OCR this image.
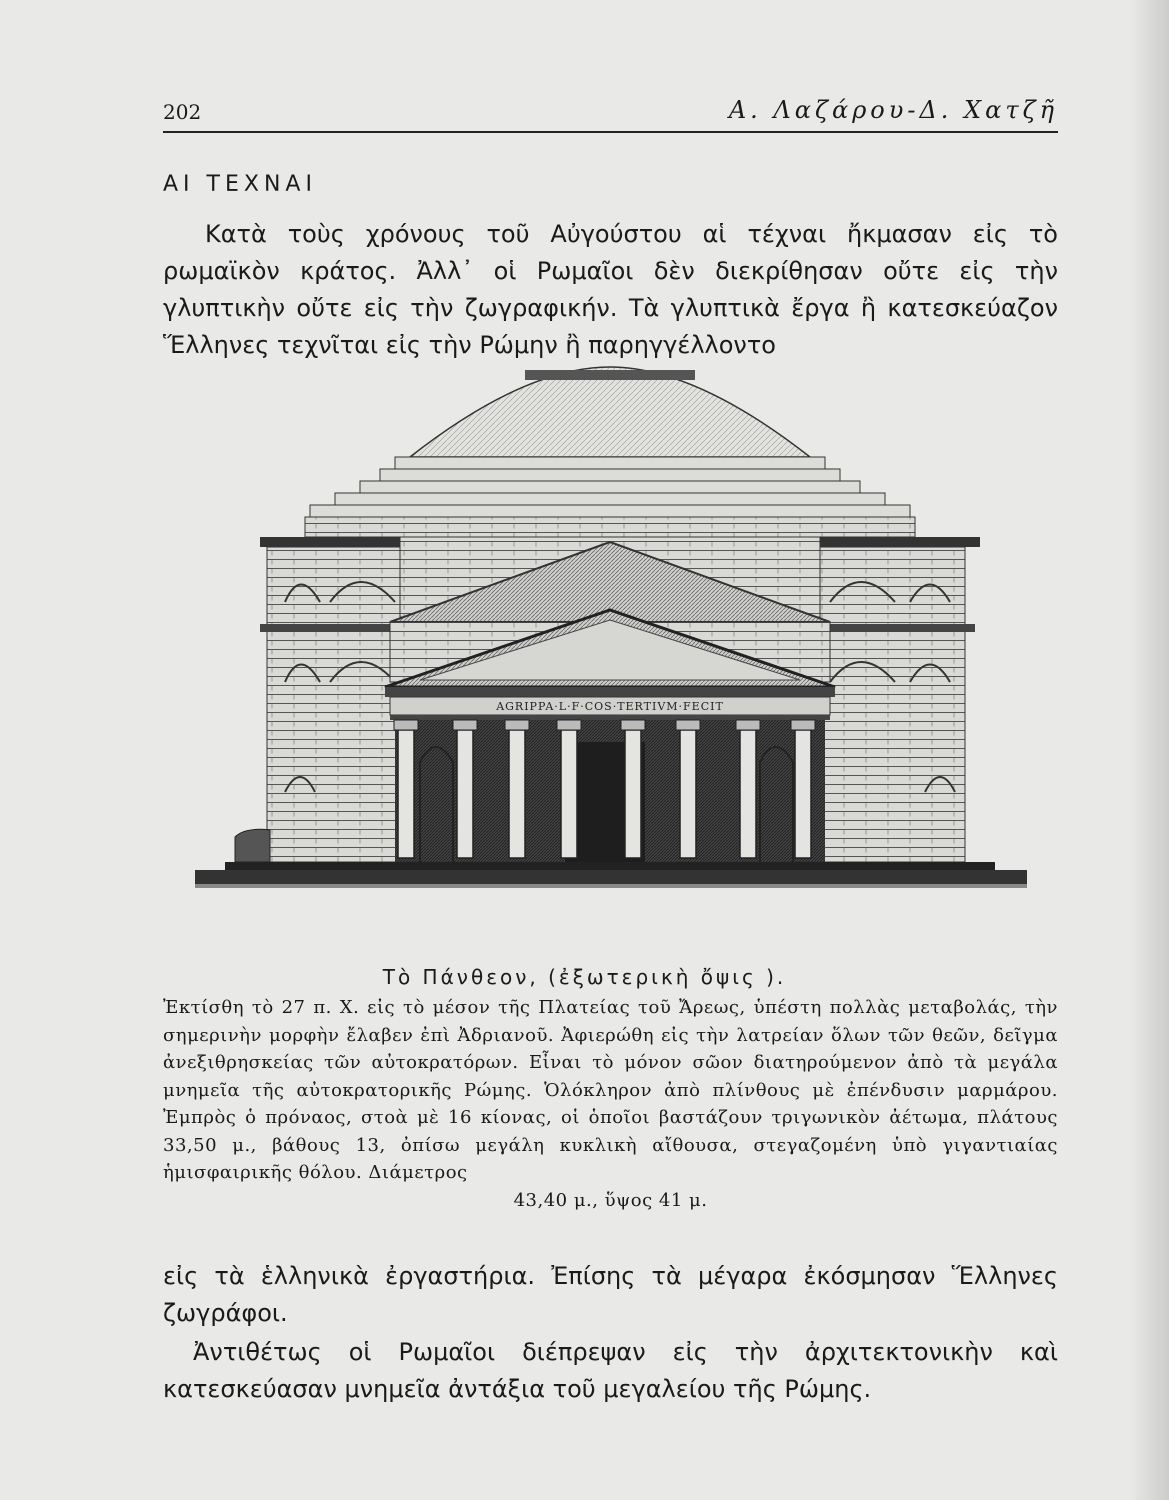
202	Α. Λαζάρου-Δ. Χατζῆ
ΑΙ ΤΕΧΝΑΙ
Κατὰ τοὺς χρόνους τοῦ Αὐγούστου αἱ τέχναι ἤκμασαν εἰς τὸ ρωμαϊκὸν κράτος. Ἀλλ᾽ οἱ Ρωμαῖοι δὲν διεκρίθησαν οὔτε εἰς τὴν γλυπτικὴν οὔτε εἰς τὴν ζωγραφικήν. Τὰ γλυπτικὰ ἔργα ἢ κατεσκεύαζον Ἕλληνες τεχνῖται εἰς τὴν Ρώμην ἢ παρηγγέλλοντο
AGRIPPA·L·F·COS·TERTIVM·FECIT
Τὸ Πάνθεον, (ἐξωτερικὴ ὄψις ).
Ἐκτίσθη τὸ 27 π. Χ. εἰς τὸ μέσον τῆς Πλατείας τοῦ Ἄρεως, ὑπέστη πολλὰς μεταβολάς, τὴν σημερινὴν μορφὴν ἔλαβεν ἐπὶ Ἀδριανοῦ. Ἀφιερώθη εἰς τὴν λατρείαν ὅλων τῶν θεῶν, δεῖγμα ἀνεξιθρησκείας τῶν αὐτοκρατόρων. Εἶναι τὸ μόνον σῶον διατηρούμενον ἀπὸ τὰ μεγάλα μνημεῖα τῆς αὐτοκρατορικῆς Ρώμης. Ὁλόκληρον ἀπὸ πλίνθους μὲ ἐπένδυσιν μαρμάρου. Ἐμπρὸς ὁ πρόναος, στοὰ μὲ 16 κίονας, οἱ ὁποῖοι βαστάζουν τριγωνικὸν ἀέτωμα, πλάτους 33,50 μ., βάθους 13, ὀπίσω μεγάλη κυκλικὴ αἴθουσα, στεγαζομένη ὑπὸ γιγαντιαίας ἡμισφαιρικῆς θόλου. Διάμετρος
43,40 μ., ὕψος 41 μ.
εἰς τὰ ἑλληνικὰ ἐργαστήρια. Ἐπίσης τὰ μέγαρα ἐκόσμησαν Ἕλληνες ζωγράφοι.
Ἀντιθέτως οἱ Ρωμαῖοι διέπρεψαν εἰς τὴν ἀρχιτεκτονικὴν καὶ κατεσκεύασαν μνημεῖα ἀντάξια τοῦ μεγαλείου τῆς Ρώμης.
